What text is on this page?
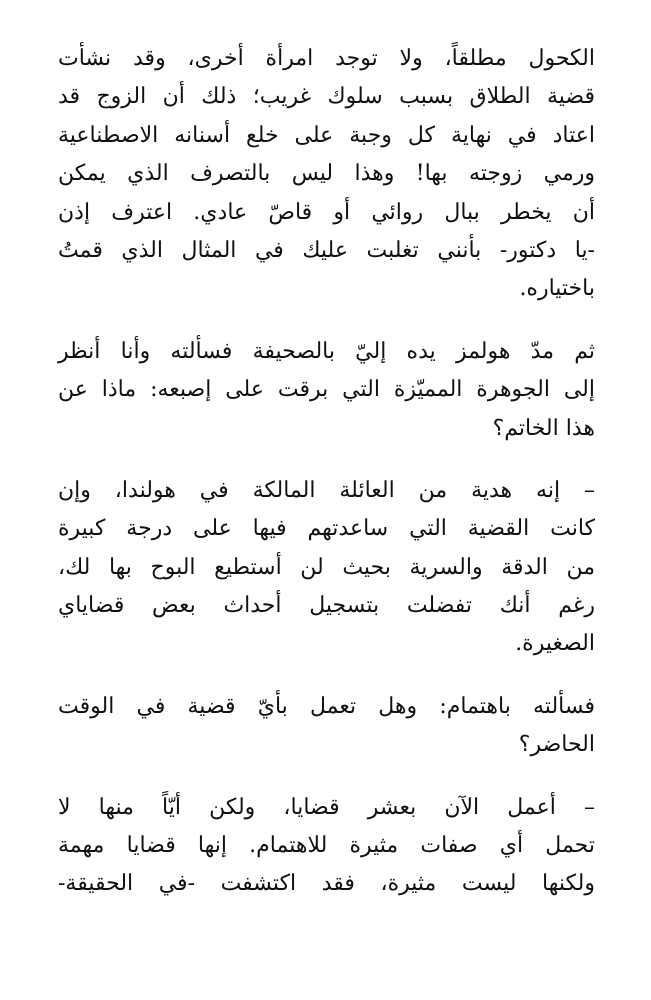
الكحول مطلقاً، ولا توجد امرأة أخرى، وقد نشأت
قضية الطلاق بسبب سلوك غريب؛ ذلك أن الزوج قد
اعتاد في نهاية كل وجبة على خلع أسنانه الاصطناعية
ورمي زوجته بها! وهذا ليس بالتصرف الذي يمكن
أن يخطر ببال روائي أو قاصّ عادي. اعترف إذن
-يا دكتور- بأنني تغلبت عليك في المثال الذي قمتُ
باختياره.
ثم مدّ هولمز يده إليّ بالصحيفة فسألته وأنا أنظر
إلى الجوهرة المميّزة التي برقت على إصبعه: ماذا عن
هذا الخاتم؟
– إنه هدية من العائلة المالكة في هولندا، وإن
كانت القضية التي ساعدتهم فيها على درجة كبيرة
من الدقة والسرية بحيث لن أستطيع البوح بها لك،
رغم أنك تفضلت بتسجيل أحداث بعض قضاياي
الصغيرة.
فسألته باهتمام: وهل تعمل بأيّ قضية في الوقت
الحاضر؟
– أعمل الآن بعشر قضايا، ولكن أيّاً منها لا
تحمل أي صفات مثيرة للاهتمام. إنها قضايا مهمة
ولكنها ليست مثيرة، فقد اكتشفت -في الحقيقة-
